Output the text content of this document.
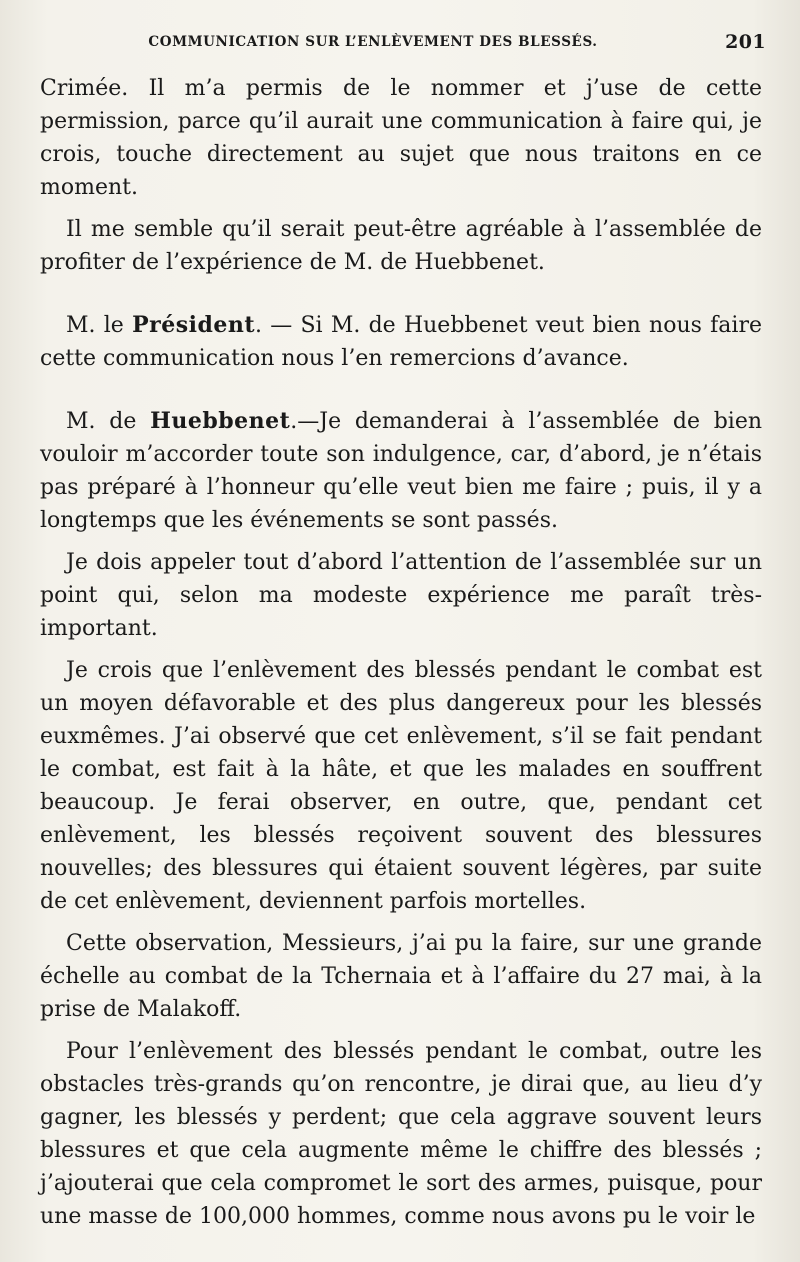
COMMUNICATION SUR L’ENLÈVEMENT DES BLESSÉS.	201

Crimée. Il m’a permis de le nommer et j’use de cette permission, parce qu’il aurait une communication à faire qui, je crois, touche directement au sujet que nous traitons en ce moment.

Il me semble qu’il serait peut-être agréable à l’assemblée de profiter de l’expérience de M. de Huebbenet.

M. le Président. — Si M. de Huebbenet veut bien nous faire cette communication nous l’en remercions d’avance.

M. de Huebbenet.—Je demanderai à l’assemblée de bien vouloir m’accorder toute son indulgence, car, d’abord, je n’étais pas préparé à l’honneur qu’elle veut bien me faire ; puis, il y a longtemps que les événements se sont passés.

Je dois appeler tout d’abord l’attention de l’assemblée sur un point qui, selon ma modeste expérience me paraît très-important.

Je crois que l’enlèvement des blessés pendant le combat est un moyen défavorable et des plus dangereux pour les blessés euxmêmes. J’ai observé que cet enlèvement, s’il se fait pendant le combat, est fait à la hâte, et que les malades en souffrent beaucoup. Je ferai observer, en outre, que, pendant cet enlèvement, les blessés reçoivent souvent des blessures nouvelles; des blessures qui étaient souvent légères, par suite de cet enlèvement, deviennent parfois mortelles.

Cette observation, Messieurs, j’ai pu la faire, sur une grande échelle au combat de la Tchernaia et à l’affaire du 27 mai, à la prise de Malakoff.

Pour l’enlèvement des blessés pendant le combat, outre les obstacles très-grands qu’on rencontre, je dirai que, au lieu d’y gagner, les blessés y perdent; que cela aggrave souvent leurs blessures et que cela augmente même le chiffre des blessés ; j’ajouterai que cela compromet le sort des armes, puisque, pour une masse de 100,000 hommes, comme nous avons pu le voir le
